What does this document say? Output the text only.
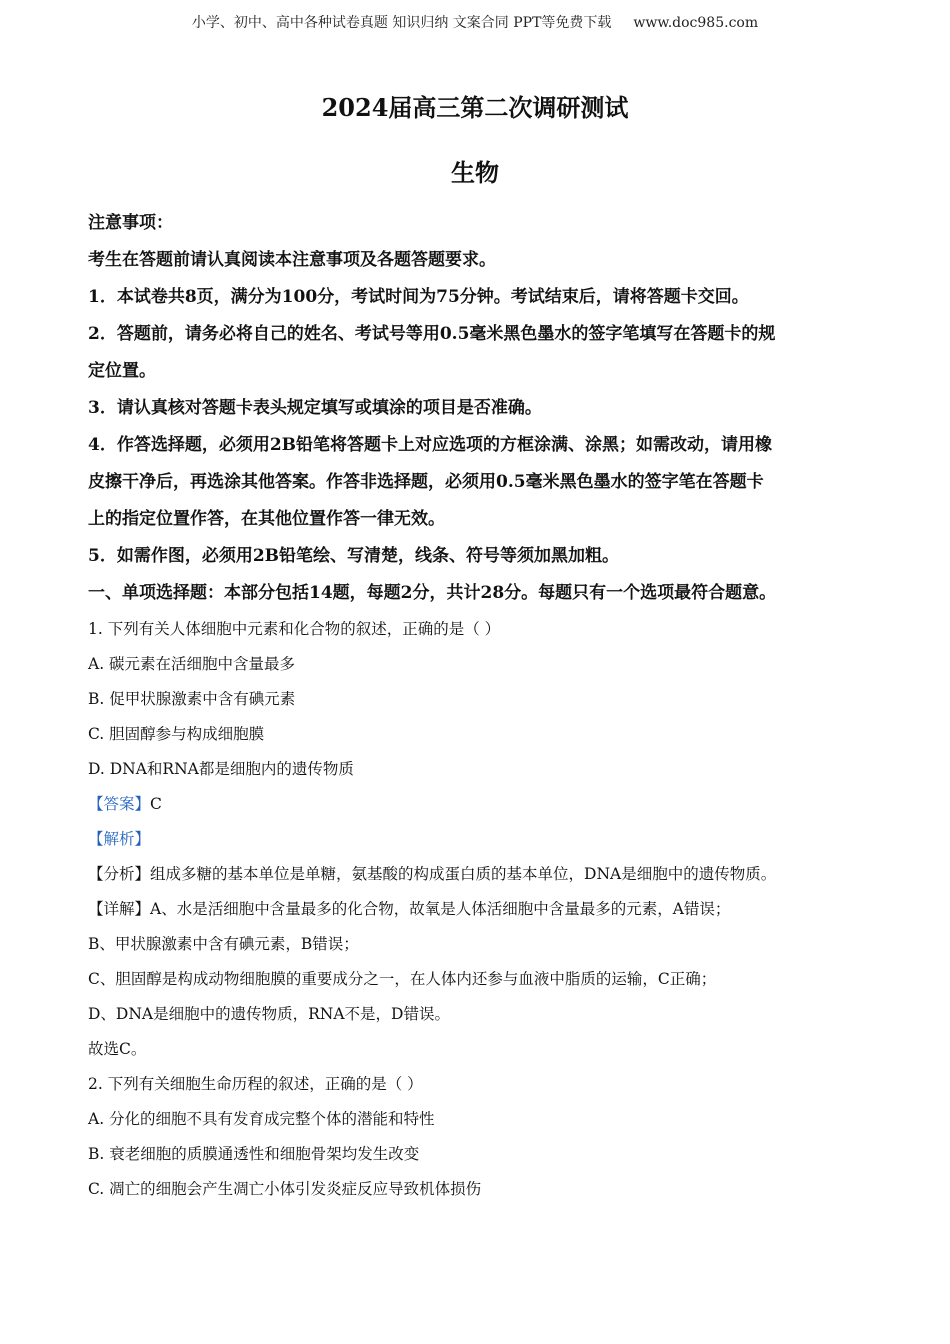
小学、初中、高中各种试卷真题 知识归纳 文案合同 PPT等免费下载 www.doc985.com
2024届高三第二次调研测试
生物

注意事项：

考生在答题前请认真阅读本注意事项及各题答题要求。

1．本试卷共8页，满分为100分，考试时间为75分钟。考试结束后，请将答题卡交回。

2．答题前，请务必将自己的姓名、考试号等用0.5毫米黑色墨水的签字笔填写在答题卡的规

定位置。

3．请认真核对答题卡表头规定填写或填涂的项目是否准确。

4．作答选择题，必须用2B铅笔将答题卡上对应选项的方框涂满、涂黑；如需改动，请用橡

皮擦干净后，再选涂其他答案。作答非选择题，必须用0.5毫米黑色墨水的签字笔在答题卡

上的指定位置作答，在其他位置作答一律无效。

5．如需作图，必须用2B铅笔绘、写清楚，线条、符号等须加黑加粗。

一、单项选择题：本部分包括14题，每题2分，共计28分。每题只有一个选项最符合题意。

1. 下列有关人体细胞中元素和化合物的叙述，正确的是（ ）

A. 碳元素在活细胞中含量最多

B. 促甲状腺激素中含有碘元素

C. 胆固醇参与构成细胞膜

D. DNA和RNA都是细胞内的遗传物质

【答案】C

【解析】

【分析】组成多糖的基本单位是单糖，氨基酸的构成蛋白质的基本单位，DNA是细胞中的遗传物质。

【详解】A、水是活细胞中含量最多的化合物，故氧是人体活细胞中含量最多的元素，A错误；

B、甲状腺激素中含有碘元素，B错误；

C、胆固醇是构成动物细胞膜的重要成分之一，在人体内还参与血液中脂质的运输，C正确；

D、DNA是细胞中的遗传物质，RNA不是，D错误。

故选C。

2. 下列有关细胞生命历程的叙述，正确的是（ ）

A. 分化的细胞不具有发育成完整个体的潜能和特性

B. 衰老细胞的质膜通透性和细胞骨架均发生改变

C. 凋亡的细胞会产生凋亡小体引发炎症反应导致机体损伤
